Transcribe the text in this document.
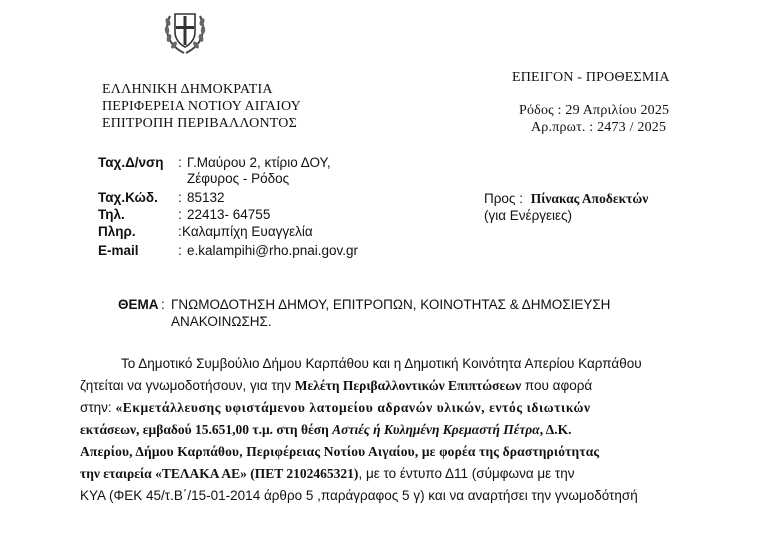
ΕΛΛΗΝΙΚΗ ΔΗΜΟΚΡΑΤΙΑ
ΠΕΡΙΦΕΡΕΙΑ ΝΟΤΙΟΥ ΑΙΓΑΙΟΥ
ΕΠΙΤΡΟΠΗ ΠΕΡΙΒΑΛΛΟΝΤΟΣ
ΕΠΕΙΓΟΝ - ΠΡΟΘΕΣΜΙΑ
Ρόδος : 29 Απριλίου 2025
Αρ.πρωτ. : 2473 / 2025
Ταχ.Δ/νση : Γ.Μαύρου 2, κτίριο ΔΟΥ,
Ζέφυρος - Ρόδος
Ταχ.Κώδ. : 85132
Τηλ.	: 22413- 64755
Πληρ.	: Καλαμπίχη Ευαγγελία
E-mail	: e.kalampihi@rho.pnai.gov.gr
Προς : Πίνακας Αποδεκτών
(για Ενέργειες)
ΘΕΜΑ : ΓΝΩΜΟΔΟΤΗΣΗ ΔΗΜΟΥ, ΕΠΙΤΡΟΠΩΝ, ΚΟΙΝΟΤΗΤΑΣ & ΔΗΜΟΣΙΕΥΣΗ
ΑΝΑΚΟΙΝΩΣΗΣ.
Το Δημοτικό Συμβούλιο Δήμου Καρπάθου και η Δημοτική Κοινότητα Απερίου Καρπάθου
ζητείται να γνωμοδοτήσουν, για την Μελέτη Περιβαλλοντικών Επιπτώσεων που αφορά
στην: «Εκμετάλλευσης υφιστάμενου λατομείου αδρανών υλικών, εντός ιδιωτικών
εκτάσεων, εμβαδού 15.651,00 τ.μ. στη θέση Αστιές ή Κυλημένη Κρεμαστή Πέτρα, Δ.Κ.
Απερίου, Δήμου Καρπάθου, Περιφέρειας Νοτίου Αιγαίου, με φορέα της δραστηριότητας
την εταιρεία «ΤΕΛΑΚΑ ΑΕ» (ΠΕΤ 2102465321), με το έντυπο Δ11 (σύμφωνα με την
ΚΥΑ (ΦΕΚ 45/τ.Β΄/15-01-2014 άρθρο 5 ,παράγραφος 5 γ) και να αναρτήσει την γνωμοδότησή
